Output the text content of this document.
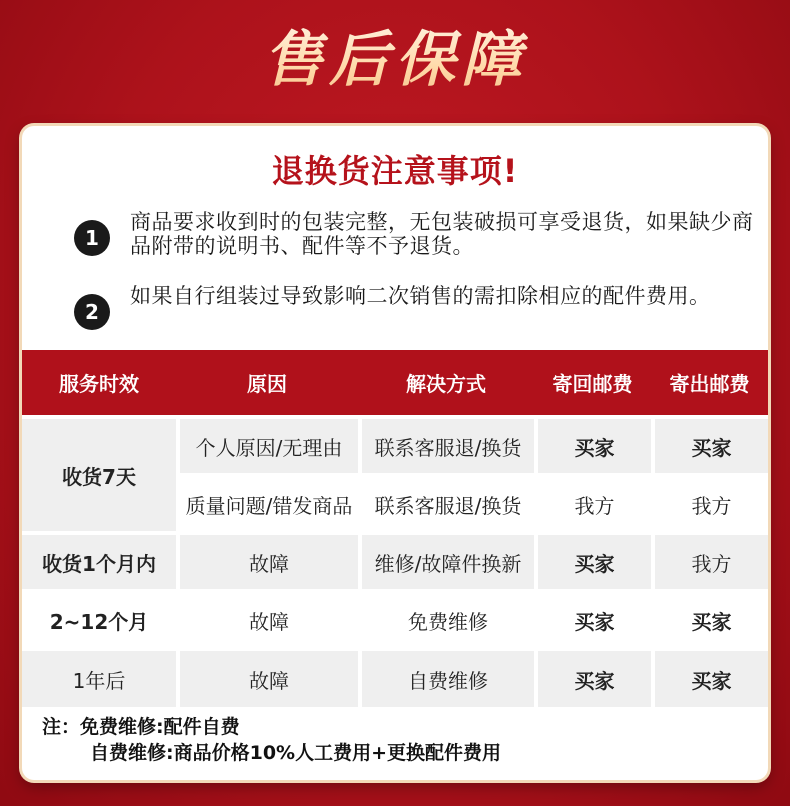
售后保障
退换货注意事项!
1
商品要求收到时的包装完整，无包装破损可享受退货，如果缺少商品附带的说明书、配件等不予退货。
2
如果自行组装过导致影响二次销售的需扣除相应的配件费用。
服务时效	原因	解决方式	寄回邮费	寄出邮费
收货7天
个人原因/无理由	联系客服退/换货	买家	买家
质量问题/错发商品	联系客服退/换货	我方	我方
收货1个月内	故障	维修/故障件换新	买家	我方
2~12个月	故障	免费维修	买家	买家
1年后	故障	自费维修	买家	买家
注：免费维修:配件自费
自费维修:商品价格10%人工费用+更换配件费用
